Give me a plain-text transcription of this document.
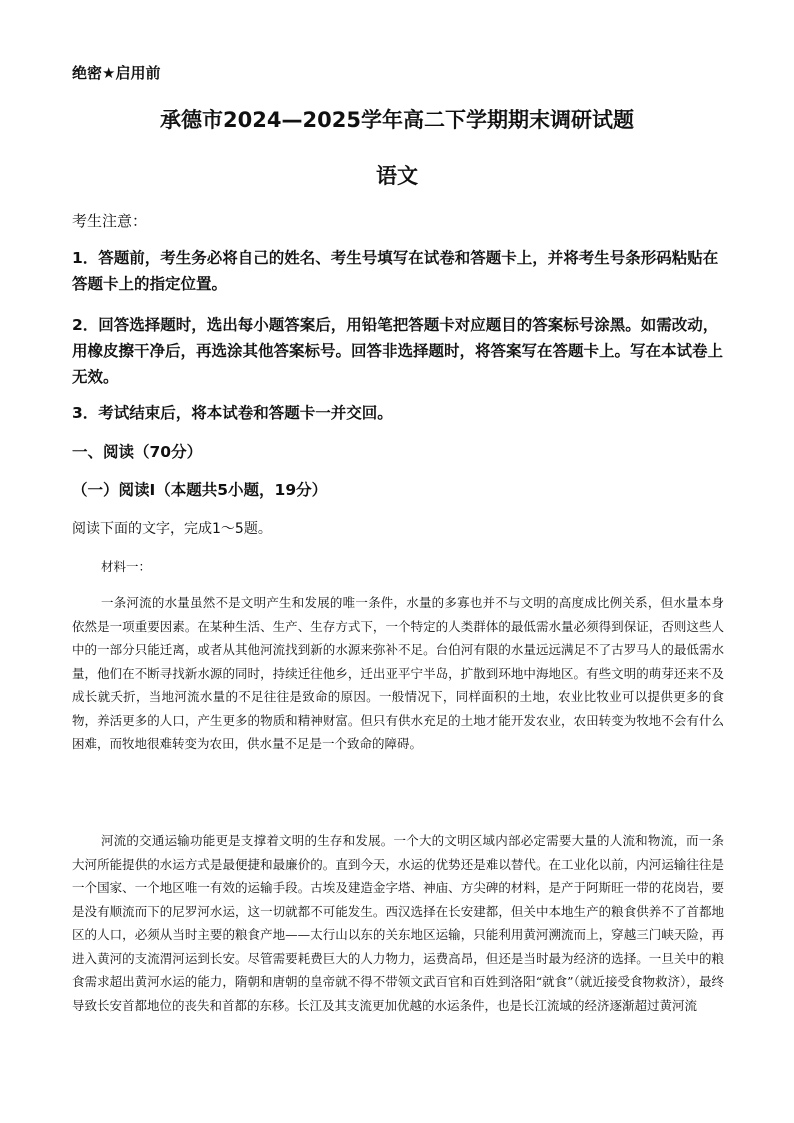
绝密★启用前
承德市2024—2025学年高二下学期期末调研试题
语文
考生注意：
1．答题前，考生务必将自己的姓名、考生号填写在试卷和答题卡上，并将考生号条形码粘贴在答题卡上的指定位置。
2．回答选择题时，选出每小题答案后，用铅笔把答题卡对应题目的答案标号涂黑。如需改动，用橡皮擦干净后，再选涂其他答案标号。回答非选择题时，将答案写在答题卡上。写在本试卷上无效。
3．考试结束后，将本试卷和答题卡一并交回。
一、阅读（70分）
（一）阅读Ⅰ（本题共5小题，19分）
阅读下面的文字，完成1～5题。
材料一：
一条河流的水量虽然不是文明产生和发展的唯一条件，水量的多寡也并不与文明的高度成比例关系，但水量本身依然是一项重要因素。在某种生活、生产、生存方式下，一个特定的人类群体的最低需水量必须得到保证，否则这些人中的一部分只能迁离，或者从其他河流找到新的水源来弥补不足。台伯河有限的水量远远满足不了古罗马人的最低需水量，他们在不断寻找新水源的同时，持续迁往他乡，迁出亚平宁半岛，扩散到环地中海地区。有些文明的萌芽还来不及成长就夭折，当地河流水量的不足往往是致命的原因。一般情况下，同样面积的土地，农业比牧业可以提供更多的食物，养活更多的人口，产生更多的物质和精神财富。但只有供水充足的土地才能开发农业，农田转变为牧地不会有什么困难，而牧地很难转变为农田，供水量不足是一个致命的障碍。
河流的交通运输功能更是支撑着文明的生存和发展。一个大的文明区域内部必定需要大量的人流和物流，而一条大河所能提供的水运方式是最便捷和最廉价的。直到今天，水运的优势还是难以替代。在工业化以前，内河运输往往是一个国家、一个地区唯一有效的运输手段。古埃及建造金字塔、神庙、方尖碑的材料，是产于阿斯旺一带的花岗岩，要是没有顺流而下的尼罗河水运，这一切就都不可能发生。西汉选择在长安建都，但关中本地生产的粮食供养不了首都地区的人口，必须从当时主要的粮食产地——太行山以东的关东地区运输，只能利用黄河溯流而上，穿越三门峡天险，再进入黄河的支流渭河运到长安。尽管需要耗费巨大的人力物力，运费高昂，但还是当时最为经济的选择。一旦关中的粮食需求超出黄河水运的能力，隋朝和唐朝的皇帝就不得不带领文武百官和百姓到洛阳“就食”（就近接受食物救济），最终导致长安首都地位的丧失和首都的东移。长江及其支流更加优越的水运条件，也是长江流域的经济逐渐超过黄河流
